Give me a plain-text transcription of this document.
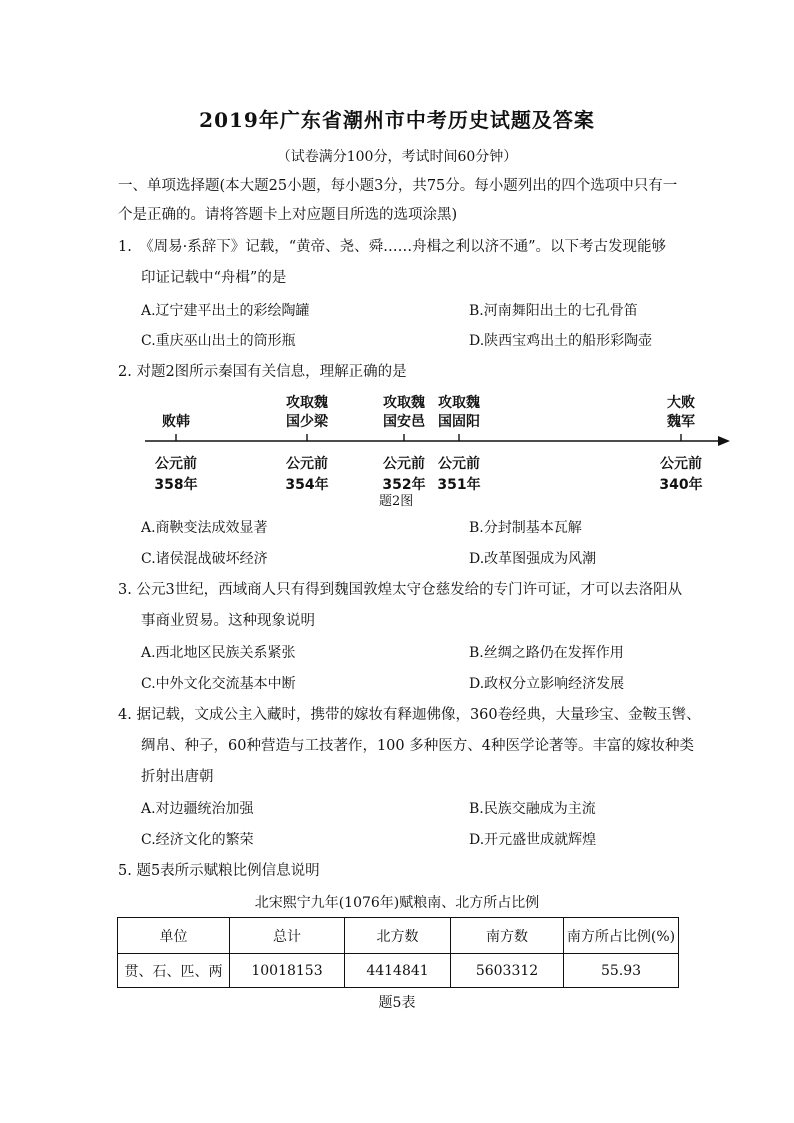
2019年广东省潮州市中考历史试题及答案
（试卷满分100分，考试时间60分钟）
一、单项选择题(本大题25小题，每小题3分，共75分。每小题列出的四个选项中只有一
个是正确的。请将答题卡上对应题目所选的选项涂黑)
1.　《周易·系辞下》记载，“黄帝、尧、舜……舟楫之利以济不通”。以下考古发现能够
印证记载中“舟楫”的是
A.辽宁建平出土的彩绘陶罐	B.河南舞阳出土的七孔骨笛
C.重庆巫山出土的筒形瓶	D.陕西宝鸡出土的船形彩陶壶
2. 对题2图所示秦国有关信息，理解正确的是
败韩
攻取魏
国少梁
攻取魏
国安邑
攻取魏
国固阳
大败
魏军
公元前
358年
公元前
354年
公元前
352年
公元前
351年
公元前
340年
题2图
A.商鞅变法成效显著	B.分封制基本瓦解
C.诸侯混战破坏经济	D.改革图强成为风潮
3. 公元3世纪，西域商人只有得到魏国敦煌太守仓慈发给的专门许可证，才可以去洛阳从
事商业贸易。这种现象说明
A.西北地区民族关系紧张	B.丝绸之路仍在发挥作用
C.中外文化交流基本中断	D.政权分立影响经济发展
4. 据记载，文成公主入藏时，携带的嫁妆有释迦佛像，360卷经典，大量珍宝、金鞍玉辔、
绸帛、种子，60种营造与工技著作，100 多种医方、4种医学论著等。丰富的嫁妆种类
折射出唐朝
A.对边疆统治加强	B.民族交融成为主流
C.经济文化的繁荣	D.开元盛世成就辉煌
5. 题5表所示赋粮比例信息说明
北宋熙宁九年(1076年)赋粮南、北方所占比例
单位	总计	北方数	南方数	南方所占比例(%)
贯、石、匹、两	10018153	4414841	5603312	55.93
题5表
